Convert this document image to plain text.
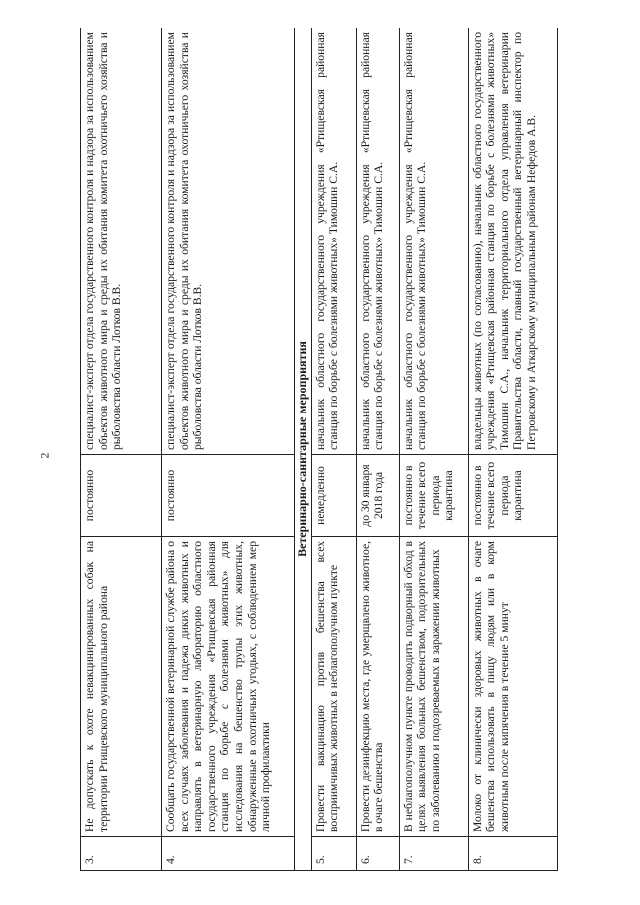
2
3.	Не допускать к охоте невакцинированных собак на территории Ртищевского муниципального района	постоянно	специалист-эксперт отдела государственного контроля и надзора за использованием объектов животного мира и среды их обитания комитета охотничьего хозяйства и рыболовства области Лотков В.В.
4.	Сообщать государственной ветеринарной службе района о всех случаях заболевания и падежа диких животных и направлять в ветеринарную лабораторию областного государственного учреждения «Ртищевская районная станция по борьбе с болезнями животных» для исследования на бешенство трупы этих животных, обнаруженные в охотничьих угодьях, с соблюдением мер личной профилактики	постоянно	специалист-эксперт отдела государственного контроля и надзора за использованием объектов животного мира и среды их обитания комитета охотничьего хозяйства и рыболовства области Лотков В.В.
Ветеринарно-санитарные мероприятия			
5.	Провести вакцинацию против бешенства всех восприимчивых животных в неблагополучном пункте	немедленно	начальник областного государственного учреждения «Ртищевская районная станция по борьбе с болезнями животных» Тимошин С.А.
6.	Провести дезинфекцию места, где умерщвлено животное, в очаге бешенства	до 30 января 2018 года	начальник областного государственного учреждения «Ртищевская районная станция по борьбе с болезнями животных» Тимошин С.А.
7.	В неблагополучном пункте проводить подворный обход в целях выявления больных бешенством, подозрительных по заболеванию и подозреваемых в заражении животных	постоянно в течение всего периода карантина	начальник областного государственного учреждения «Ртищевская районная станция по борьбе с болезнями животных» Тимошин С.А.
8.	Молоко от клинически здоровых животных в очаге бешенства использовать в пищу людям или в корм животным после кипячения в течение 5 минут	постоянно в течение всего периода карантина	владельцы животных (по согласованию), начальник областного государственного учреждения «Ртищевская районная станция по борьбе с болезнями животных» Тимошин С.А., начальник территориального отдела управления ветеринарии Правительства области, главный государственный ветеринарный инспектор по Петровскому и Аткарскому муниципальным районам Нефедов А.В.
